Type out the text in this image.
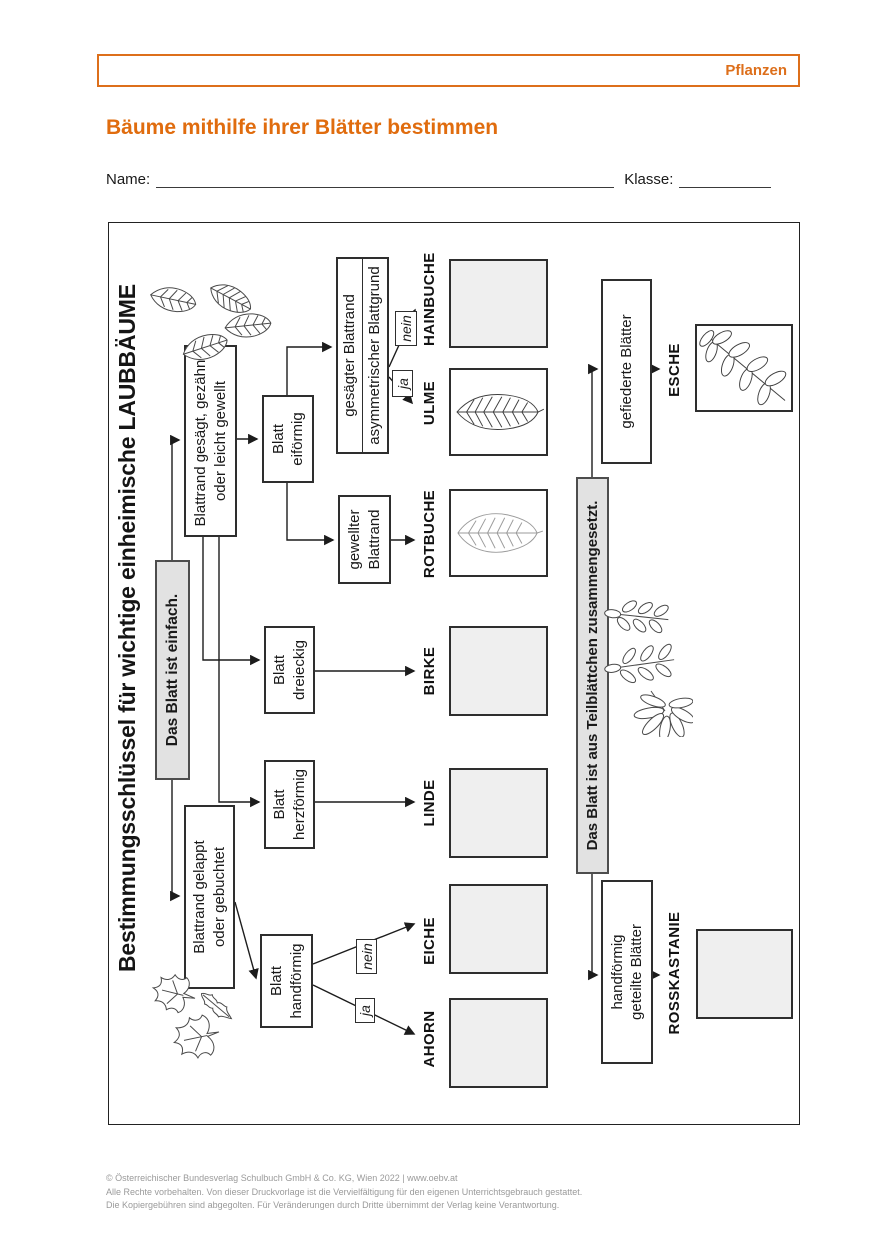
Pflanzen
Bäume mithilfe ihrer Blätter bestimmen
Name:	Klasse:
Bestimmungsschlüssel für wichtige einheimische LAUBBÄUME	Das Blatt ist einfach.	Das Blatt ist aus Teilblättchen zusammengesetzt.
Blattrand gesägt, gezähnt oder leicht gewellt
Blattrand gelappt oder gebuchtet
Blatt eiförmig
Blatt dreieckig
Blatt herzförmig
Blatt handförmig
gesägter Blattrand asymmetrischer Blattgrund
gewellter Blattrand
gefiederte Blätter
handförmig geteilte Blätter
nein
ja
nein
ja
HAINBUCHE
ULME
ROTBUCHE
BIRKE
LINDE
EICHE
AHORN
ESCHE
ROSSKASTANIE
© Österreichischer Bundesverlag Schulbuch GmbH & Co. KG, Wien 2022 | www.oebv.at
Alle Rechte vorbehalten. Von dieser Druckvorlage ist die Vervielfältigung für den eigenen Unterrichtsgebrauch gestattet.
Die Kopiergebühren sind abgegolten. Für Veränderungen durch Dritte übernimmt der Verlag keine Verantwortung.
